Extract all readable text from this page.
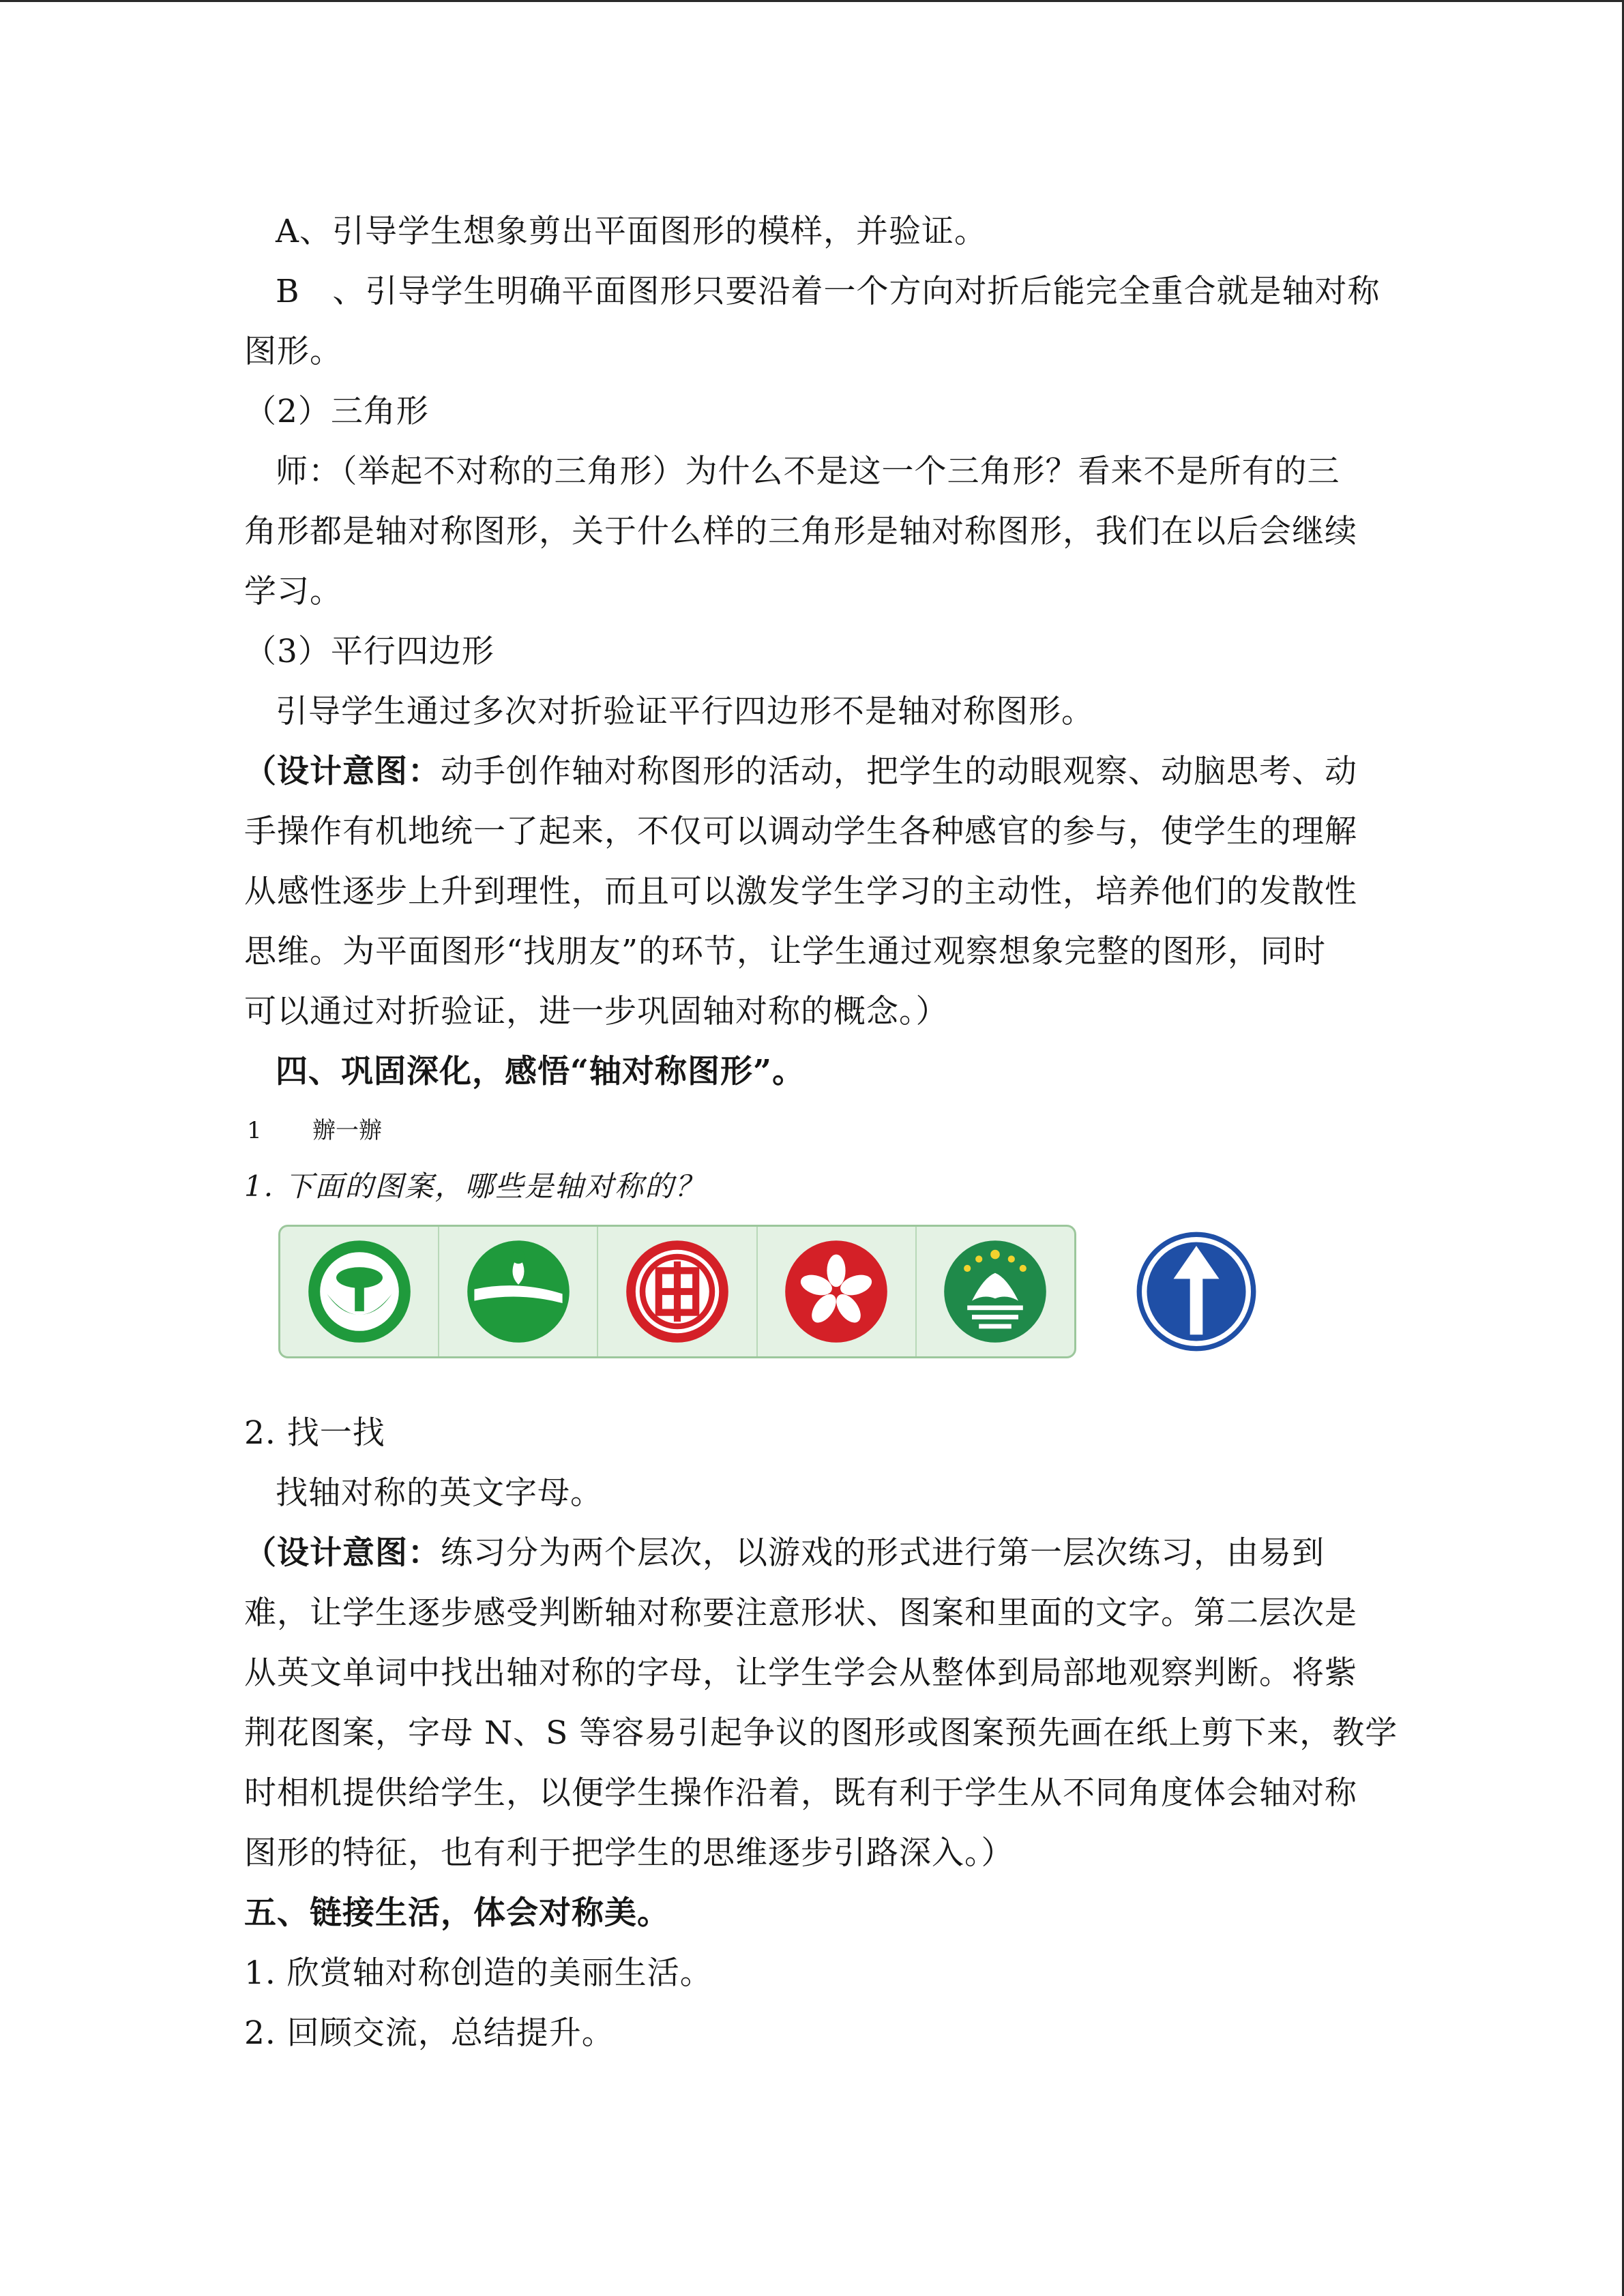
A、引导学生想象剪出平面图形的模样，并验证。
B　、引导学生明确平面图形只要沿着一个方向对折后能完全重合就是轴对称
图形。
（2）三角形
师：（举起不对称的三角形）为什么不是这一个三角形？看来不是所有的三
角形都是轴对称图形，关于什么样的三角形是轴对称图形，我们在以后会继续
学习。
（3）平行四边形
引导学生通过多次对折验证平行四边形不是轴对称图形。
（设计意图：动手创作轴对称图形的活动，把学生的动眼观察、动脑思考、动
手操作有机地统一了起来，不仅可以调动学生各种感官的参与，使学生的理解
从感性逐步上升到理性，而且可以激发学生学习的主动性，培养他们的发散性
思维。为平面图形“找朋友”的环节，让学生通过观察想象完整的图形，同时
可以通过对折验证，进一步巩固轴对称的概念。）
四、巩固深化，感悟“轴对称图形”。
1 辦一辦
1. 下面的图案，哪些是轴对称的？
2. 找一找
找轴对称的英文字母。
（设计意图：练习分为两个层次，以游戏的形式进行第一层次练习，由易到
难，让学生逐步感受判断轴对称要注意形状、图案和里面的文字。第二层次是
从英文单词中找出轴对称的字母，让学生学会从整体到局部地观察判断。将紫
荆花图案，字母 N、S 等容易引起争议的图形或图案预先画在纸上剪下来，教学
时相机提供给学生，以便学生操作沿着，既有利于学生从不同角度体会轴对称
图形的特征，也有利于把学生的思维逐步引路深入。）
五、链接生活，体会对称美。
1. 欣赏轴对称创造的美丽生活。
2. 回顾交流，总结提升。
